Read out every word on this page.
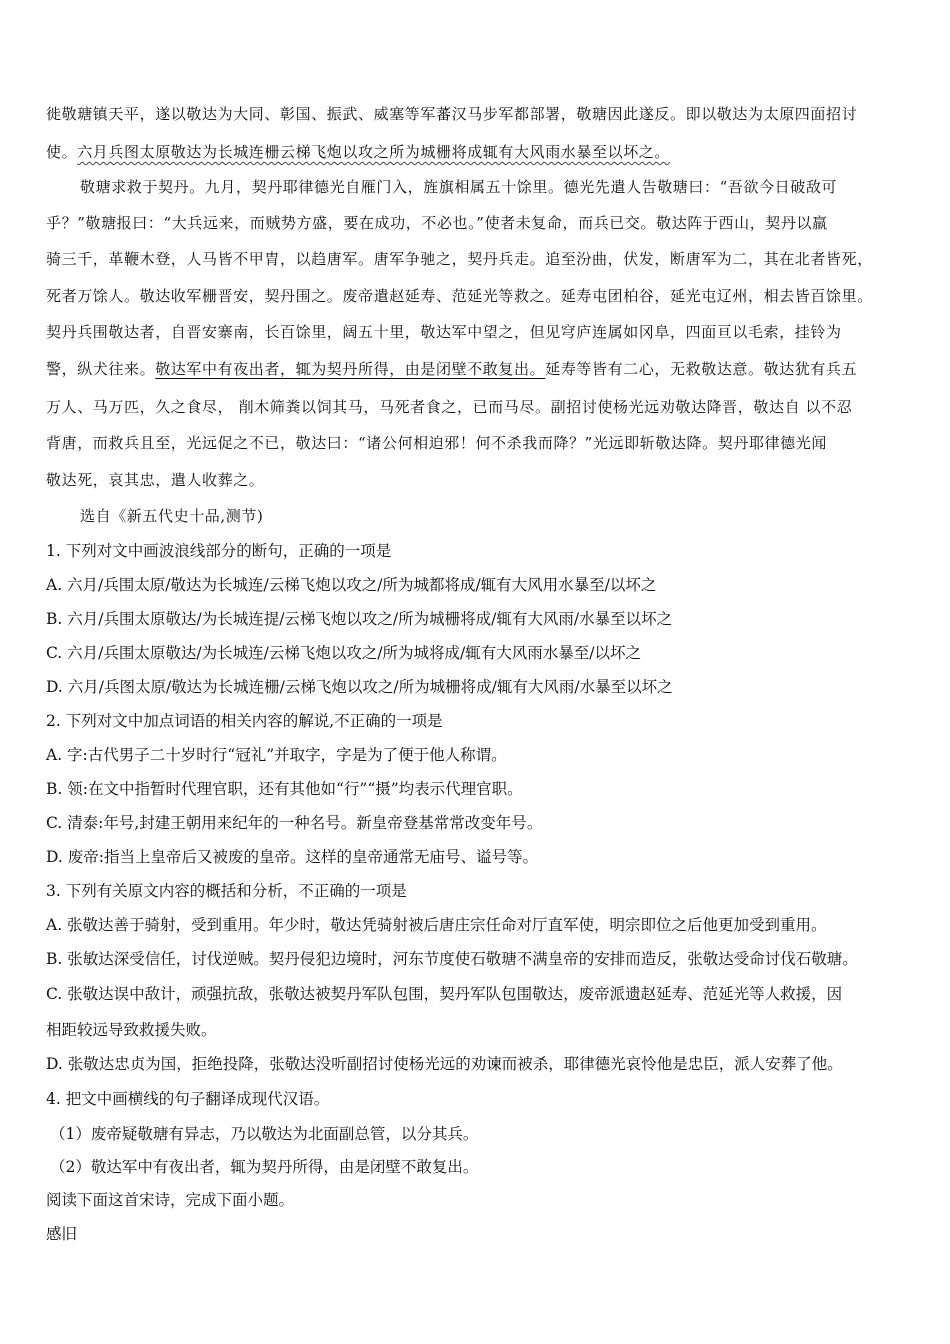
徙敬瑭镇天平，遂以敬达为大同、彰国、振武、威塞等军蕃汉马步军都部署，敬瑭因此遂反。即以敬达为太原四面招讨
使。六月兵图太原敬达为长城连栅云梯飞炮以攻之所为城栅将成辄有大风雨水暴至以坏之。
敬瑭求救于契丹。九月，契丹耶律德光自雁门入，旌旗相属五十馀里。德光先遣人告敬瑭曰：“吾欲今日破敌可
乎？”敬瑭报曰：“大兵远来，而贼势方盛，要在成功，不必也。”使者未复命，而兵已交。敬达阵于西山，契丹以羸
骑三千，革鞭木登，人马皆不甲胄，以趋唐军。唐军争驰之，契丹兵走。追至汾曲，伏发，断唐军为二，其在北者皆死，
死者万馀人。敬达收军栅晋安，契丹围之。废帝遣赵延寿、范延光等救之。延寿屯团柏谷，延光屯辽州，相去皆百馀里。
契丹兵围敬达者，自晋安寨南，长百馀里，阔五十里，敬达军中望之，但见穹庐连属如冈阜，四面亘以毛索，挂铃为
警，纵犬往来。敬达军中有夜出者，辄为契丹所得，由是闭壁不敢复出。延寿等皆有二心，无救敬达意。敬达犹有兵五
万人、马万匹，久之食尽， 削木筛粪以饲其马，马死者食之，已而马尽。副招讨使杨光远劝敬达降晋，敬达自 以不忍
背唐，而救兵且至，光远促之不已，敬达曰：“诸公何相迫邪！何不杀我而降？”光远即斩敬达降。契丹耶律德光闻
敬达死，哀其忠，遣人收葬之。
选自《新五代史十品,测节)
1. 下列对文中画波浪线部分的断句，正确的一项是
A. 六月/兵围太原/敬达为长城连/云梯飞炮以攻之/所为城都将成/辄有大风用水暴至/以坏之
B. 六月/兵围太原敬达/为长城连提/云梯飞炮以攻之/所为城栅将成/辄有大风雨/水暴至以坏之
C. 六月/兵围太原敬达/为长城连/云梯飞炮以攻之/所为城将成/辄有大风雨水暴至/以坏之
D. 六月/兵图太原/敬达为长城连栅/云梯飞炮以攻之/所为城栅将成/辄有大风雨/水暴至以坏之
2. 下列对文中加点词语的相关内容的解说,不正确的一项是
A. 字:古代男子二十岁时行“冠礼”并取字，字是为了便于他人称谓。
B. 领:在文中指暂时代理官职，还有其他如“行”“摄”均表示代理官职。
C. 清泰:年号,封建王朝用来纪年的一种名号。新皇帝登基常常改变年号。
D. 废帝:指当上皇帝后又被废的皇帝。这样的皇帝通常无庙号、谥号等。
3. 下列有关原文内容的概括和分析，不正确的一项是
A. 张敬达善于骑射，受到重用。年少时，敬达凭骑射被后唐庄宗任命对厅直军使，明宗即位之后他更加受到重用。
B. 张敏达深受信任，讨伐逆贼。契丹侵犯边境时，河东节度使石敬瑭不满皇帝的安排而造反，张敬达受命讨伐石敬瑭。
C. 张敬达误中敌计，顽强抗敌，张敬达被契丹军队包围，契丹军队包围敬达，废帝派遗赵延寿、范延光等人救援，因
相距较远导致救援失败。
D. 张敬达忠贞为国，拒绝投降，张敬达没听副招讨使杨光远的劝谏而被杀，耶律德光哀怜他是忠臣，派人安葬了他。
4. 把文中画横线的句子翻译成现代汉语。
（1）废帝疑敬瑭有异志，乃以敬达为北面副总管，以分其兵。
（2）敬达军中有夜出者，辄为契丹所得，由是闭壁不敢复出。
阅读下面这首宋诗，完成下面小题。
感旧
